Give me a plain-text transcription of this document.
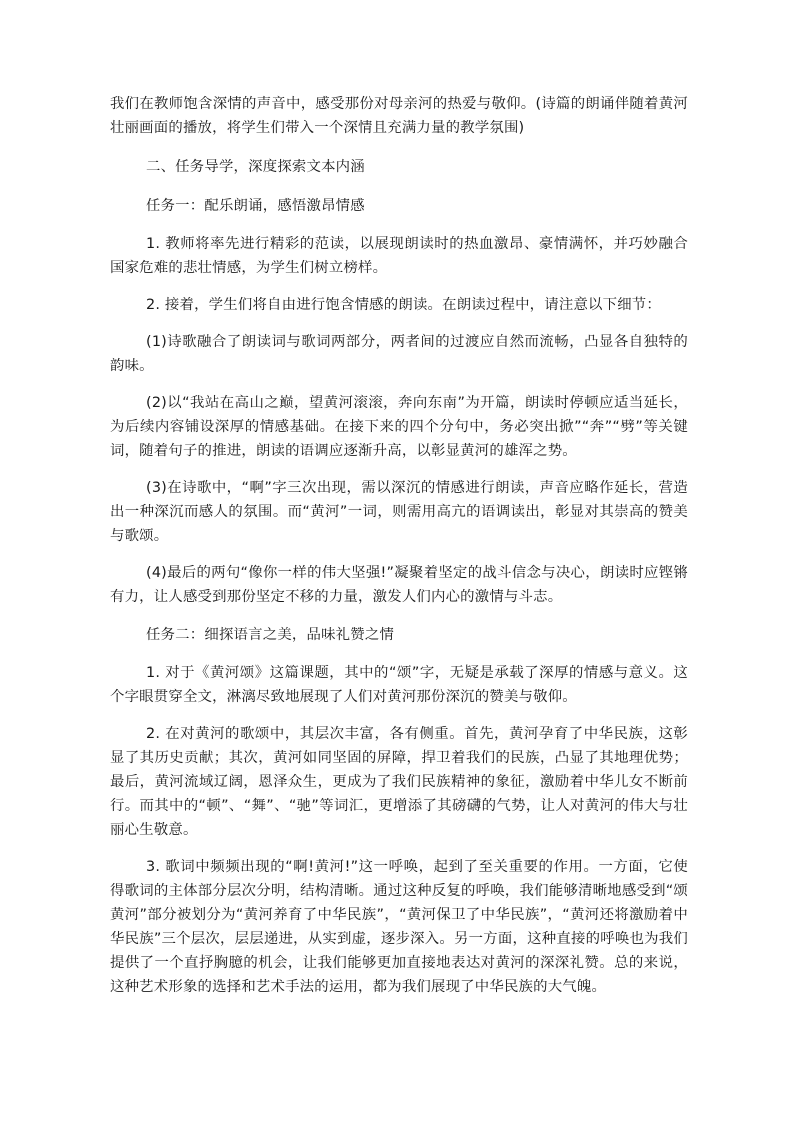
我们在教师饱含深情的声音中，感受那份对母亲河的热爱与敬仰。(诗篇的朗诵伴随着黄河壮丽画面的播放，将学生们带入一个深情且充满力量的教学氛围)

二、任务导学，深度探索文本内涵

任务一：配乐朗诵，感悟激昂情感

1. 教师将率先进行精彩的范读，以展现朗读时的热血激昂、豪情满怀，并巧妙融合国家危难的悲壮情感，为学生们树立榜样。

2. 接着，学生们将自由进行饱含情感的朗读。在朗读过程中，请注意以下细节：

(1)诗歌融合了朗读词与歌词两部分，两者间的过渡应自然而流畅，凸显各自独特的韵味。

(2)以“我站在高山之巅，望黄河滚滚，奔向东南”为开篇，朗读时停顿应适当延长，为后续内容铺设深厚的情感基础。在接下来的四个分句中，务必突出掀”“奔”“劈”等关键词，随着句子的推进，朗读的语调应逐渐升高，以彰显黄河的雄浑之势。

(3)在诗歌中，“啊”字三次出现，需以深沉的情感进行朗读，声音应略作延长，营造出一种深沉而感人的氛围。而“黄河”一词，则需用高亢的语调读出，彰显对其崇高的赞美与歌颂。

(4)最后的两句“像你一样的伟大坚强!”凝聚着坚定的战斗信念与决心，朗读时应铿锵有力，让人感受到那份坚定不移的力量，激发人们内心的激情与斗志。

任务二：细探语言之美，品味礼赞之情

1. 对于《黄河颂》这篇课题，其中的“颂”字，无疑是承载了深厚的情感与意义。这个字眼贯穿全文，淋漓尽致地展现了人们对黄河那份深沉的赞美与敬仰。

2. 在对黄河的歌颂中，其层次丰富，各有侧重。首先，黄河孕育了中华民族，这彰显了其历史贡献；其次，黄河如同坚固的屏障，捍卫着我们的民族，凸显了其地理优势；最后，黄河流域辽阔，恩泽众生，更成为了我们民族精神的象征，激励着中华儿女不断前行。而其中的“顿”、“舞”、“驰”等词汇，更增添了其磅礴的气势，让人对黄河的伟大与壮丽心生敬意。

3. 歌词中频频出现的“啊!黄河!”这一呼唤，起到了至关重要的作用。一方面，它使得歌词的主体部分层次分明，结构清晰。通过这种反复的呼唤，我们能够清晰地感受到“颂黄河”部分被划分为“黄河养育了中华民族”，“黄河保卫了中华民族”，“黄河还将激励着中华民族”三个层次，层层递进，从实到虚，逐步深入。另一方面，这种直接的呼唤也为我们提供了一个直抒胸臆的机会，让我们能够更加直接地表达对黄河的深深礼赞。总的来说，这种艺术形象的选择和艺术手法的运用，都为我们展现了中华民族的大气魄。
